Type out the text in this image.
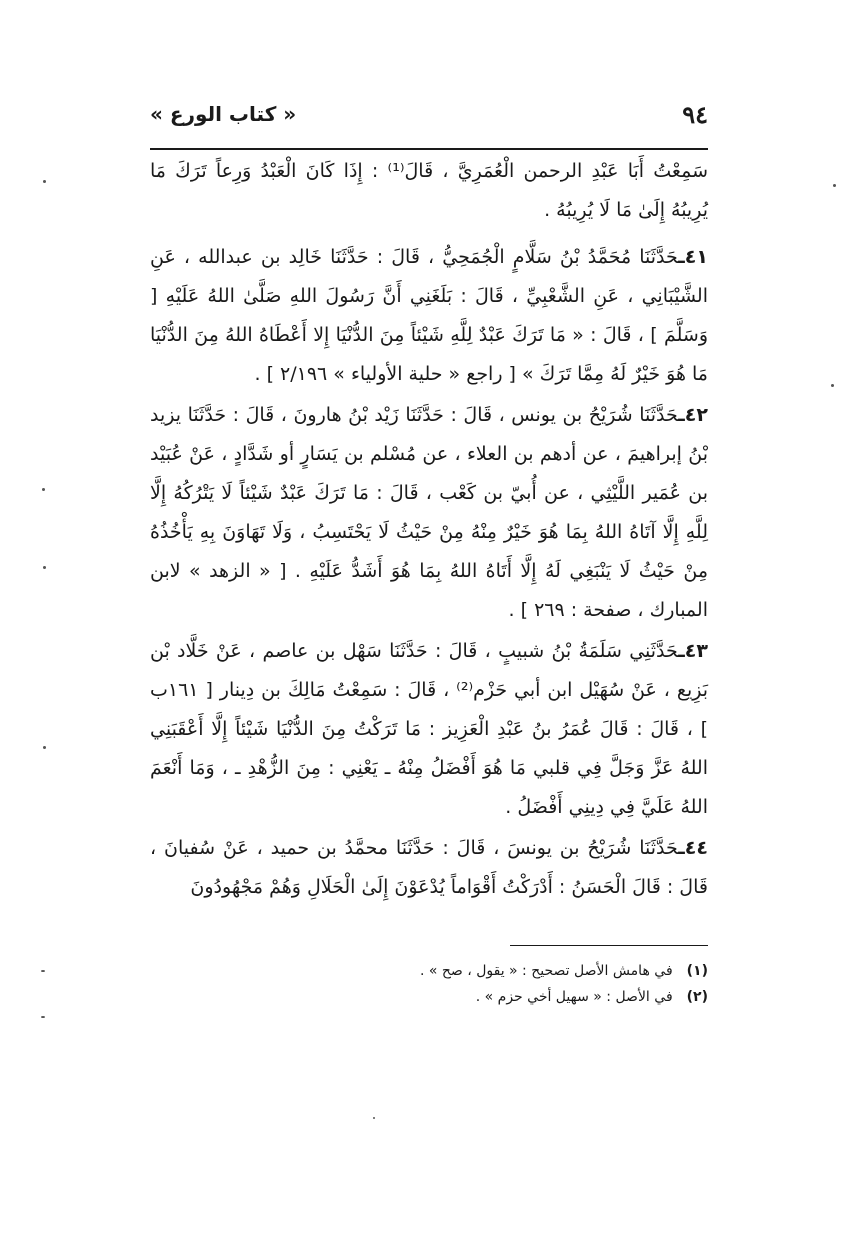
٩٤
« كتاب الورع »

سَمِعْتُ أَبَا عَبْدِ الرحمن الْعُمَرِيَّ ، قَالَ⁽¹⁾ : إِذَا كَانَ الْعَبْدُ وَرِعاً تَرَكَ مَا يُرِيبُهُ إِلَىٰ مَا لَا يُرِيبُهُ .

٤١ـحَدَّثَنَا مُحَمَّدُ بْنُ سَلَّامٍ الْجُمَحِيُّ ، قَالَ : حَدَّثَنَا خَالِد بن عبدالله ، عَنِ الشَّيْبَانِي ، عَنِ الشَّعْبِيِّ ، قَالَ : بَلَغَنِي أَنَّ رَسُولَ اللهِ صَلَّىٰ اللهُ عَلَيْهِ [ وَسَلَّمَ ] ، قَالَ : « مَا تَرَكَ عَبْدٌ لِلَّهِ شَيْئاً مِنَ الدُّنْيَا إِلا أَعْطَاهُ اللهُ مِنَ الدُّنْيَا مَا هُوَ خَيْرٌ لَهُ مِمَّا تَرَكَ » [ راجع « حلية الأولياء » ٢/١٩٦ ] .

٤٢ـحَدَّثَنَا شُرَيْحُ بن يونس ، قَالَ : حَدَّثَنَا زَيْد بْنُ هارونَ ، قَالَ : حَدَّثَنَا يزيد بْنُ إبراهيمَ ، عن أدهم بن العلاء ، عن مُسْلم بن يَسَارٍ أو شَدَّادٍ ، عَنْ عُبَيْد بن عُمَير اللَّيْثِي ، عن أُبيّ بن كَعْب ، قَالَ : مَا تَرَكَ عَبْدٌ شَيْئاً لَا يَتْرُكُهُ إِلَّا لِلَّهِ إِلَّا آتَاهُ اللهُ بِمَا هُوَ خَيْرٌ مِنْهُ مِنْ حَيْثُ لَا يَحْتَسِبُ ، وَلَا تَهَاوَنَ بِهِ يَأْخُذُهُ مِنْ حَيْثُ لَا يَنْبَغِي لَهُ إِلَّا أَتَاهُ اللهُ بِمَا هُوَ أَشَدُّ عَلَيْهِ . [ « الزهد » لابن المبارك ، صفحة : ٢٦٩ ] .

٤٣ـحَدَّثَنِي سَلَمَةُ بْنُ شبيبٍ ، قَالَ : حَدَّثَنَا سَهْل بن عاصم ، عَنْ خَلَّاد بْن بَزِيع ، عَنْ سُهَيْل ابن أبي حَزْم⁽²⁾ ، قَالَ : سَمِعْتُ مَالِكَ بن دِينار [ ١٦١ب ] ، قَالَ : قَالَ عُمَرُ بنُ عَبْدِ الْعَزِيز : مَا تَرَكْتُ مِنَ الدُّنْيَا شَيْئاً إِلَّا أَعْقَبَنِي اللهُ عَزَّ وَجَلَّ فِي قلبي مَا هُوَ أَفْضَلُ مِنْهُ ـ يَعْنِي : مِنَ الزُّهْدِ ـ ، وَمَا أَنْعَمَ اللهُ عَلَيَّ فِي دِينِي أَفْضَلُ .

٤٤ـحَدَّثَنَا شُرَيْحُ بن يونسَ ، قَالَ : حَدَّثَنَا محمَّدُ بن حميد ، عَنْ سُفيانَ ، قَالَ : قَالَ الْحَسَنُ : أَدْرَكْتُ أَقْوَاماً يُدْعَوْنَ إِلَىٰ الْحَلَالِ وَهُمْ مَجْهُودُونَ

(١)في هامش الأصل تصحيح : « يقول ، صح » .

(٢)في الأصل : « سهيل أخي حزم » .
